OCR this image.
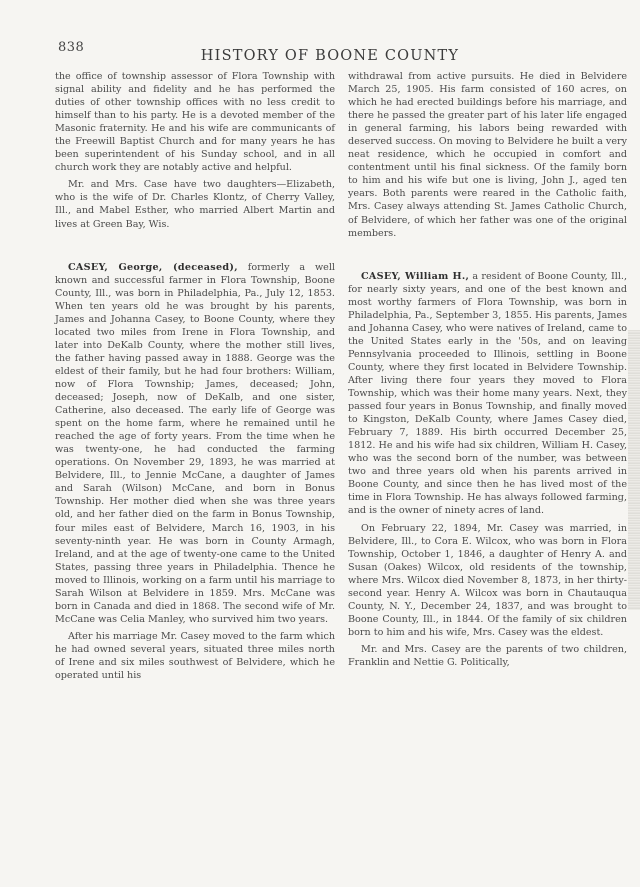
838
HISTORY OF BOONE COUNTY

the office of township assessor of Flora Township with signal ability and fidelity and he has performed the duties of other township offices with no less credit to himself than to his party. He is a devoted member of the Masonic fraternity. He and his wife are communicants of the Freewill Baptist Church and for many years he has been superintendent of his Sunday school, and in all church work they are notably active and helpful.

Mr. and Mrs. Case have two daughters—Elizabeth, who is the wife of Dr. Charles Klontz, of Cherry Valley, Ill., and Mabel Esther, who married Albert Martin and lives at Green Bay, Wis.

CASEY, George, (deceased), formerly a well known and successful farmer in Flora Township, Boone County, Ill., was born in Philadelphia, Pa., July 12, 1853. When ten years old he was brought by his parents, James and Johanna Casey, to Boone County, where they located two miles from Irene in Flora Township, and later into DeKalb County, where the mother still lives, the father having passed away in 1888. George was the eldest of their family, but he had four brothers: William, now of Flora Township; James, deceased; John, deceased; Joseph, now of DeKalb, and one sister, Catherine, also deceased. The early life of George was spent on the home farm, where he remained until he reached the age of forty years. From the time when he was twenty-one, he had conducted the farming operations. On November 29, 1893, he was married at Belvidere, Ill., to Jennie McCane, a daughter of James and Sarah (Wilson) McCane, and born in Bonus Township. Her mother died when she was three years old, and her father died on the farm in Bonus Township, four miles east of Belvidere, March 16, 1903, in his seventy-ninth year. He was born in County Armagh, Ireland, and at the age of twenty-one came to the United States, passing three years in Philadelphia. Thence he moved to Illinois, working on a farm until his marriage to Sarah Wilson at Belvidere in 1859. Mrs. McCane was born in Canada and died in 1868. The second wife of Mr. McCane was Celia Manley, who survived him two years.

After his marriage Mr. Casey moved to the farm which he had owned several years, situated three miles north of Irene and six miles southwest of Belvidere, which he operated until his

withdrawal from active pursuits. He died in Belvidere March 25, 1905. His farm consisted of 160 acres, on which he had erected buildings before his marriage, and there he passed the greater part of his later life engaged in general farming, his labors being rewarded with deserved success. On moving to Belvidere he built a very neat residence, which he occupied in comfort and contentment until his final sickness. Of the family born to him and his wife but one is living, John J., aged ten years. Both parents were reared in the Catholic faith, Mrs. Casey always attending St. James Catholic Church, of Belvidere, of which her father was one of the original members.

CASEY, William H., a resident of Boone County, Ill., for nearly sixty years, and one of the best known and most worthy farmers of Flora Township, was born in Philadelphia, Pa., September 3, 1855. His parents, James and Johanna Casey, who were natives of Ireland, came to the United States early in the '50s, and on leaving Pennsylvania proceeded to Illinois, settling in Boone County, where they first located in Belvidere Township. After living there four years they moved to Flora Township, which was their home many years. Next, they passed four years in Bonus Township, and finally moved to Kingston, DeKalb County, where James Casey died, February 7, 1889. His birth occurred December 25, 1812. He and his wife had six children, William H. Casey, who was the second born of the number, was between two and three years old when his parents arrived in Boone County, and since then he has lived most of the time in Flora Township. He has always followed farming, and is the owner of ninety acres of land.

On February 22, 1894, Mr. Casey was married, in Belvidere, Ill., to Cora E. Wilcox, who was born in Flora Township, October 1, 1846, a daughter of Henry A. and Susan (Oakes) Wilcox, old residents of the township, where Mrs. Wilcox died November 8, 1873, in her thirty-second year. Henry A. Wilcox was born in Chautauqua County, N. Y., December 24, 1837, and was brought to Boone County, Ill., in 1844. Of the family of six children born to him and his wife, Mrs. Casey was the eldest.

Mr. and Mrs. Casey are the parents of two children, Franklin and Nettie G. Politically,
